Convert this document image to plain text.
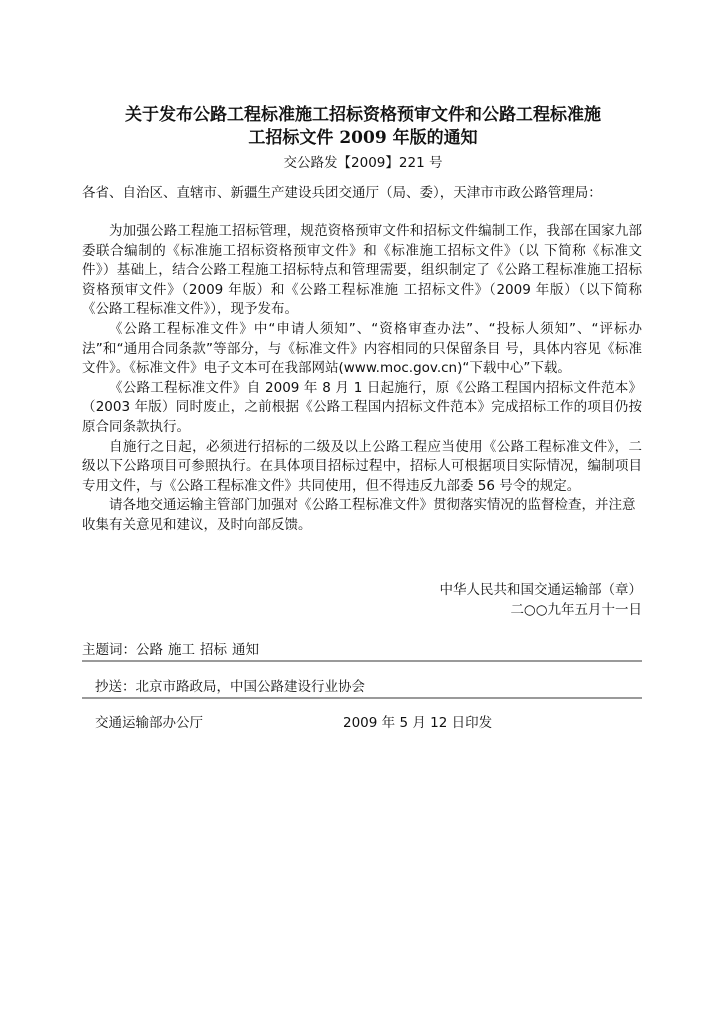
关于发布公路工程标准施工招标资格预审文件和公路工程标准施
工招标文件 2009 年版的通知
交公路发【2009】221 号
各省、自治区、直辖市、新疆生产建设兵团交通厅（局、委），天津市市政公路管理局：

为加强公路工程施工招标管理，规范资格预审文件和招标文件编制工作，我部在国家九部委联合编制的《标准施工招标资格预审文件》和《标准施工招标文件》（以 下简称《标准文件》）基础上，结合公路工程施工招标特点和管理需要，组织制定了《公路工程标准施工招标资格预审文件》（2009 年版）和《公路工程标准施 工招标文件》（2009 年版）（以下简称《公路工程标准文件》），现予发布。

《公路工程标准文件》中“申请人须知”、“资格审查办法”、“投标人须知”、“评标办法”和“通用合同条款”等部分，与《标准文件》内容相同的只保留条目 号，具体内容见《标准文件》。《标准文件》电子文本可在我部网站(www.moc.gov.cn)“下载中心”下载。

《公路工程标准文件》自 2009 年 8 月 1 日起施行，原《公路工程国内招标文件范本》（2003 年版）同时废止，之前根据《公路工程国内招标文件范本》完成招标工作的项目仍按原合同条款执行。

自施行之日起，必须进行招标的二级及以上公路工程应当使用《公路工程标准文件》，二级以下公路项目可参照执行。在具体项目招标过程中，招标人可根据项目实际情况，编制项目专用文件，与《公路工程标准文件》共同使用，但不得违反九部委 56 号令的规定。

请各地交通运输主管部门加强对《公路工程标准文件》贯彻落实情况的监督检查，并注意收集有关意见和建议，及时向部反馈。

中华人民共和国交通运输部（章）
二○○九年五月十一日
主题词：公路 施工 招标 通知
抄送：北京市路政局，中国公路建设行业协会
交通运输部办公厅	2009 年 5 月 12 日印发
